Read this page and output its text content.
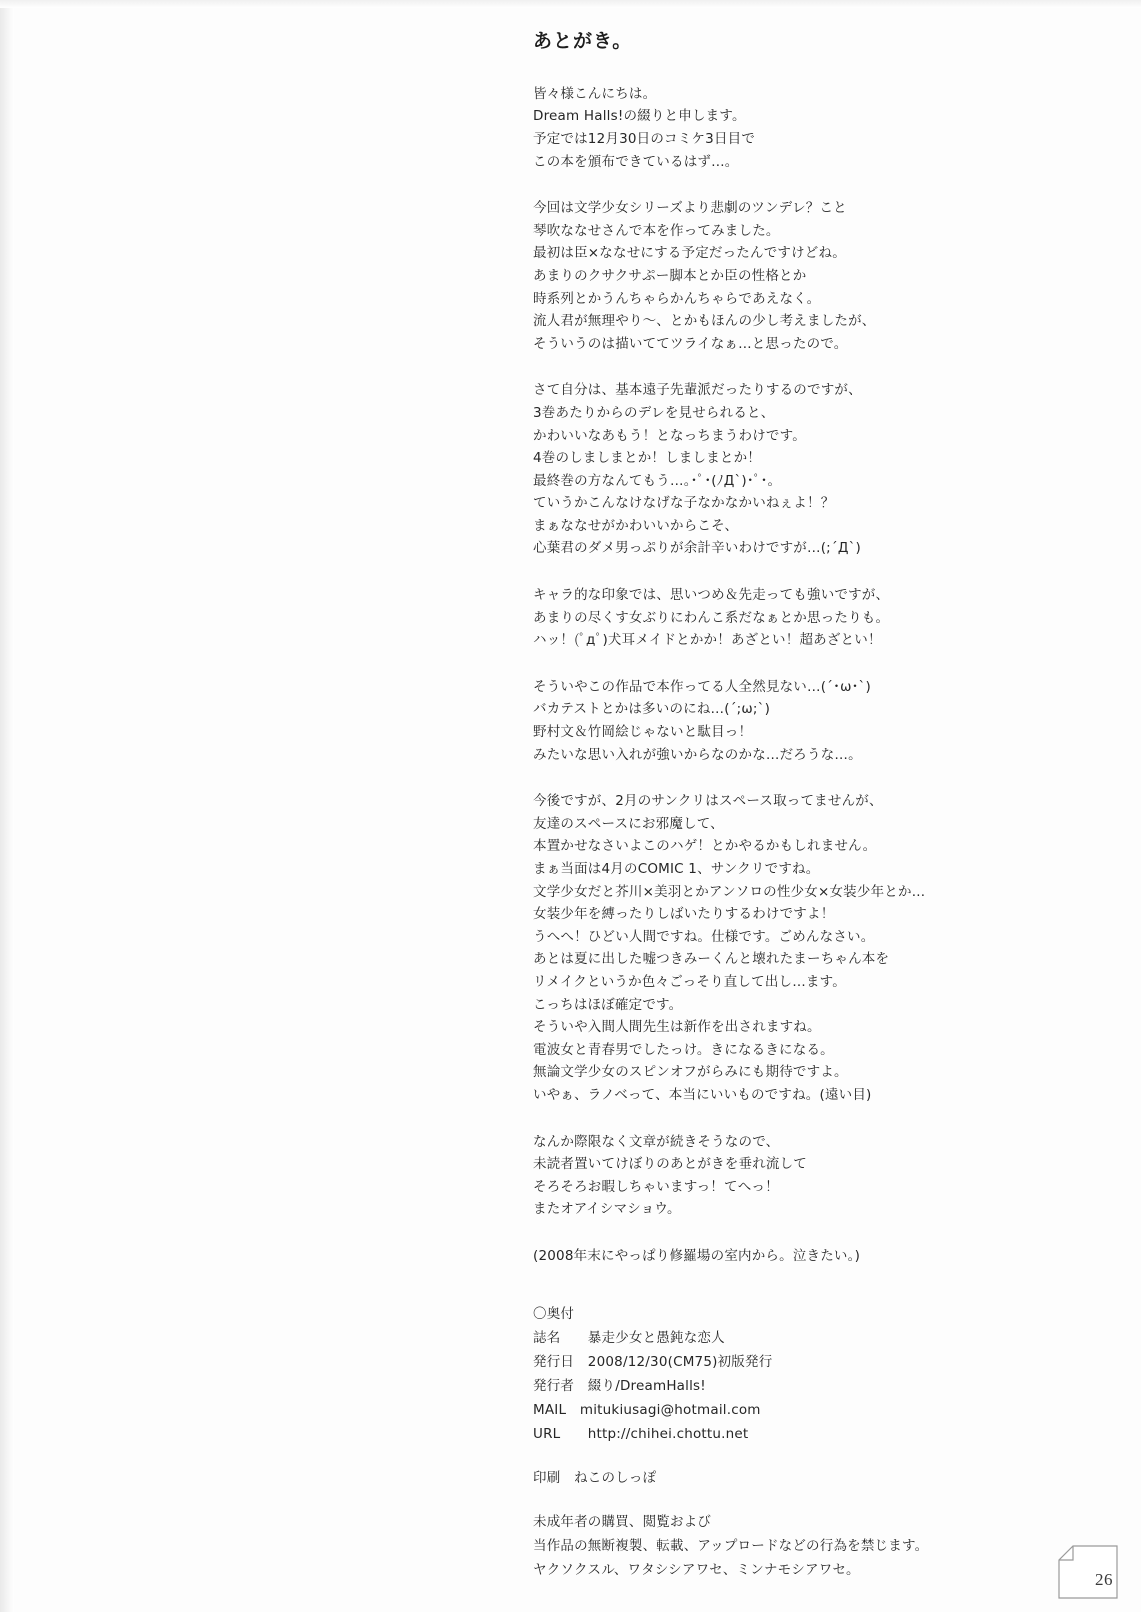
あとがき。
皆々様こんにちは。
Dream Halls!の綴りと申します。
予定では12月30日のコミケ3日目で
この本を頒布できているはず…。
今回は文学少女シリーズより悲劇のツンデレ？こと
琴吹ななせさんで本を作ってみました。
最初は臣×ななせにする予定だったんですけどね。
あまりのクサクサぷー脚本とか臣の性格とか
時系列とかうんちゃらかんちゃらであえなく。
流人君が無理やり～、とかもほんの少し考えましたが、
そういうのは描いててツライなぁ…と思ったので。
さて自分は、基本遠子先輩派だったりするのですが、
3巻あたりからのデレを見せられると、
かわいいなあもう！となっちまうわけです。
4巻のしましまとか！しましまとか！
最終巻の方なんてもう…｡･ﾟ･(ﾉД`)･ﾟ･｡
ていうかこんなけなげな子なかなかいねぇよ！？
まぁななせがかわいいからこそ、
心葉君のダメ男っぷりが余計辛いわけですが…(;´Д`)
キャラ的な印象では、思いつめ＆先走っても強いですが、
あまりの尽くす女ぶりにわんこ系だなぁとか思ったりも。
ハッ！(ﾟдﾟ)犬耳メイドとかか！あざとい！超あざとい！
そういやこの作品で本作ってる人全然見ない…(´･ω･`)
バカテストとかは多いのにね…(´;ω;`)
野村文＆竹岡絵じゃないと駄目っ！
みたいな思い入れが強いからなのかな…だろうな…。
今後ですが、2月のサンクリはスペース取ってませんが、
友達のスペースにお邪魔して、
本置かせなさいよこのハゲ！とかやるかもしれません。
まぁ当面は4月のCOMIC 1、サンクリですね。
文学少女だと芥川×美羽とかアンソロの性少女×女装少年とか…
女装少年を縛ったりしばいたりするわけですよ！
うへへ！ひどい人間ですね。仕様です。ごめんなさい。
あとは夏に出した嘘つきみーくんと壊れたまーちゃん本を
リメイクというか色々ごっそり直して出し…ます。
こっちはほぼ確定です。
そういや入間人間先生は新作を出されますね。
電波女と青春男でしたっけ。きになるきになる。
無論文学少女のスピンオフがらみにも期待ですよ。
いやぁ、ラノベって、本当にいいものですね。(遠い目)
なんか際限なく文章が続きそうなので、
未読者置いてけぼりのあとがきを垂れ流して
そろそろお暇しちゃいますっ！てへっ！
またオアイシマショウ。
(2008年末にやっぱり修羅場の室内から。泣きたい。)
〇奥付
誌名　　暴走少女と愚鈍な恋人
発行日　2008/12/30(CM75)初版発行
発行者　綴り/DreamHalls!
MAIL　mitukiusagi@hotmail.com
URL　　http://chihei.chottu.net
印刷　ねこのしっぽ
未成年者の購買、閲覧および
当作品の無断複製、転載、アップロードなどの行為を禁じます。
ヤクソクスル、ワタシシアワセ、ミンナモシアワセ。
26
